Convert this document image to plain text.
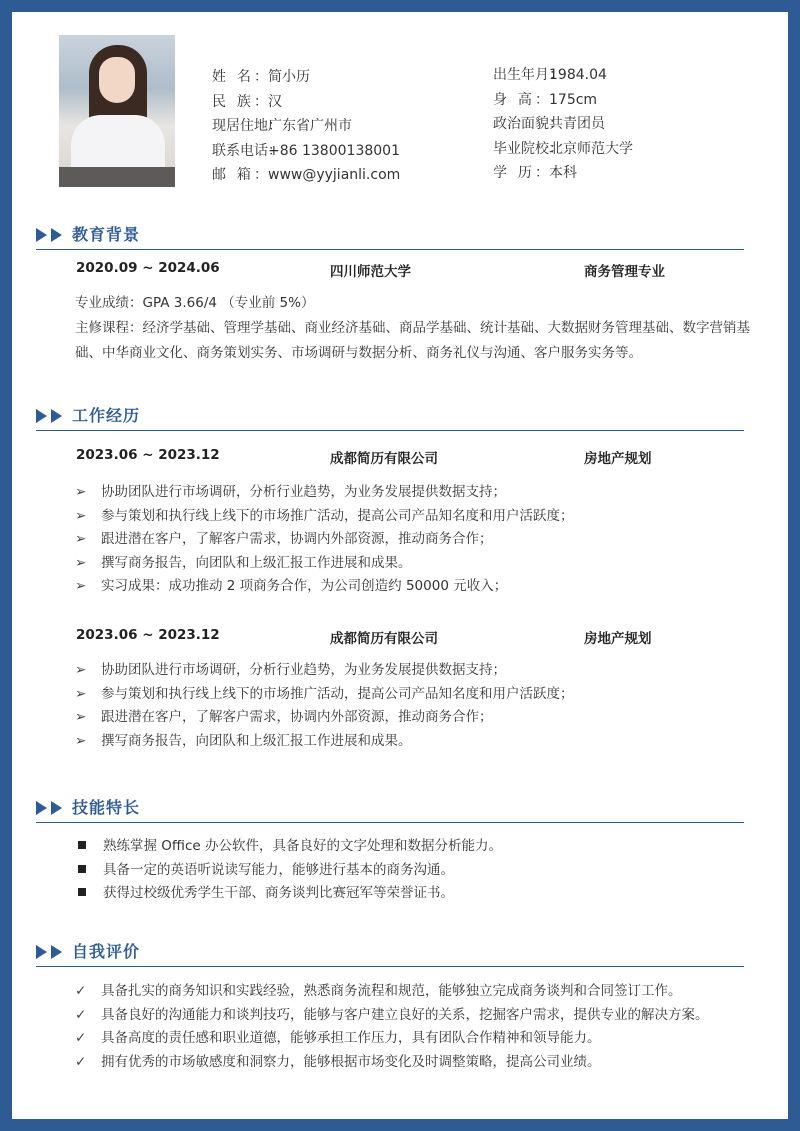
姓 名：简小历
民 族：汉
现居住地：广东省广州市
联系电话：+86 13800138001
邮 箱：www@yyjianli.com
出生年月：1984.04
身 高：175cm
政治面貌：共青团员
毕业院校：北京师范大学
学 历：本科
教育背景
2020.09 ~ 2024.06	四川师范大学	商务管理专业
专业成绩：GPA 3.66/4 （专业前 5%）
主修课程：经济学基础、管理学基础、商业经济基础、商品学基础、统计基础、大数据财务管理基础、数字营销基础、中华商业文化、商务策划实务、市场调研与数据分析、商务礼仪与沟通、客户服务实务等。
工作经历
2023.06 ~ 2023.12	成都简历有限公司	房地产规划
➢ 协助团队进行市场调研，分析行业趋势，为业务发展提供数据支持；
➢ 参与策划和执行线上线下的市场推广活动，提高公司产品知名度和用户活跃度；
➢ 跟进潜在客户，了解客户需求，协调内外部资源，推动商务合作；
➢ 撰写商务报告，向团队和上级汇报工作进展和成果。
➢ 实习成果：成功推动 2 项商务合作，为公司创造约 50000 元收入；
2023.06 ~ 2023.12	成都简历有限公司	房地产规划
➢ 协助团队进行市场调研，分析行业趋势，为业务发展提供数据支持；
➢ 参与策划和执行线上线下的市场推广活动，提高公司产品知名度和用户活跃度；
➢ 跟进潜在客户，了解客户需求，协调内外部资源，推动商务合作；
➢ 撰写商务报告，向团队和上级汇报工作进展和成果。
技能特长
熟练掌握 Office 办公软件，具备良好的文字处理和数据分析能力。
具备一定的英语听说读写能力，能够进行基本的商务沟通。
获得过校级优秀学生干部、商务谈判比赛冠军等荣誉证书。
自我评价
✓ 具备扎实的商务知识和实践经验，熟悉商务流程和规范，能够独立完成商务谈判和合同签订工作。
✓ 具备良好的沟通能力和谈判技巧，能够与客户建立良好的关系，挖掘客户需求，提供专业的解决方案。
✓ 具备高度的责任感和职业道德，能够承担工作压力，具有团队合作精神和领导能力。
✓ 拥有优秀的市场敏感度和洞察力，能够根据市场变化及时调整策略，提高公司业绩。
